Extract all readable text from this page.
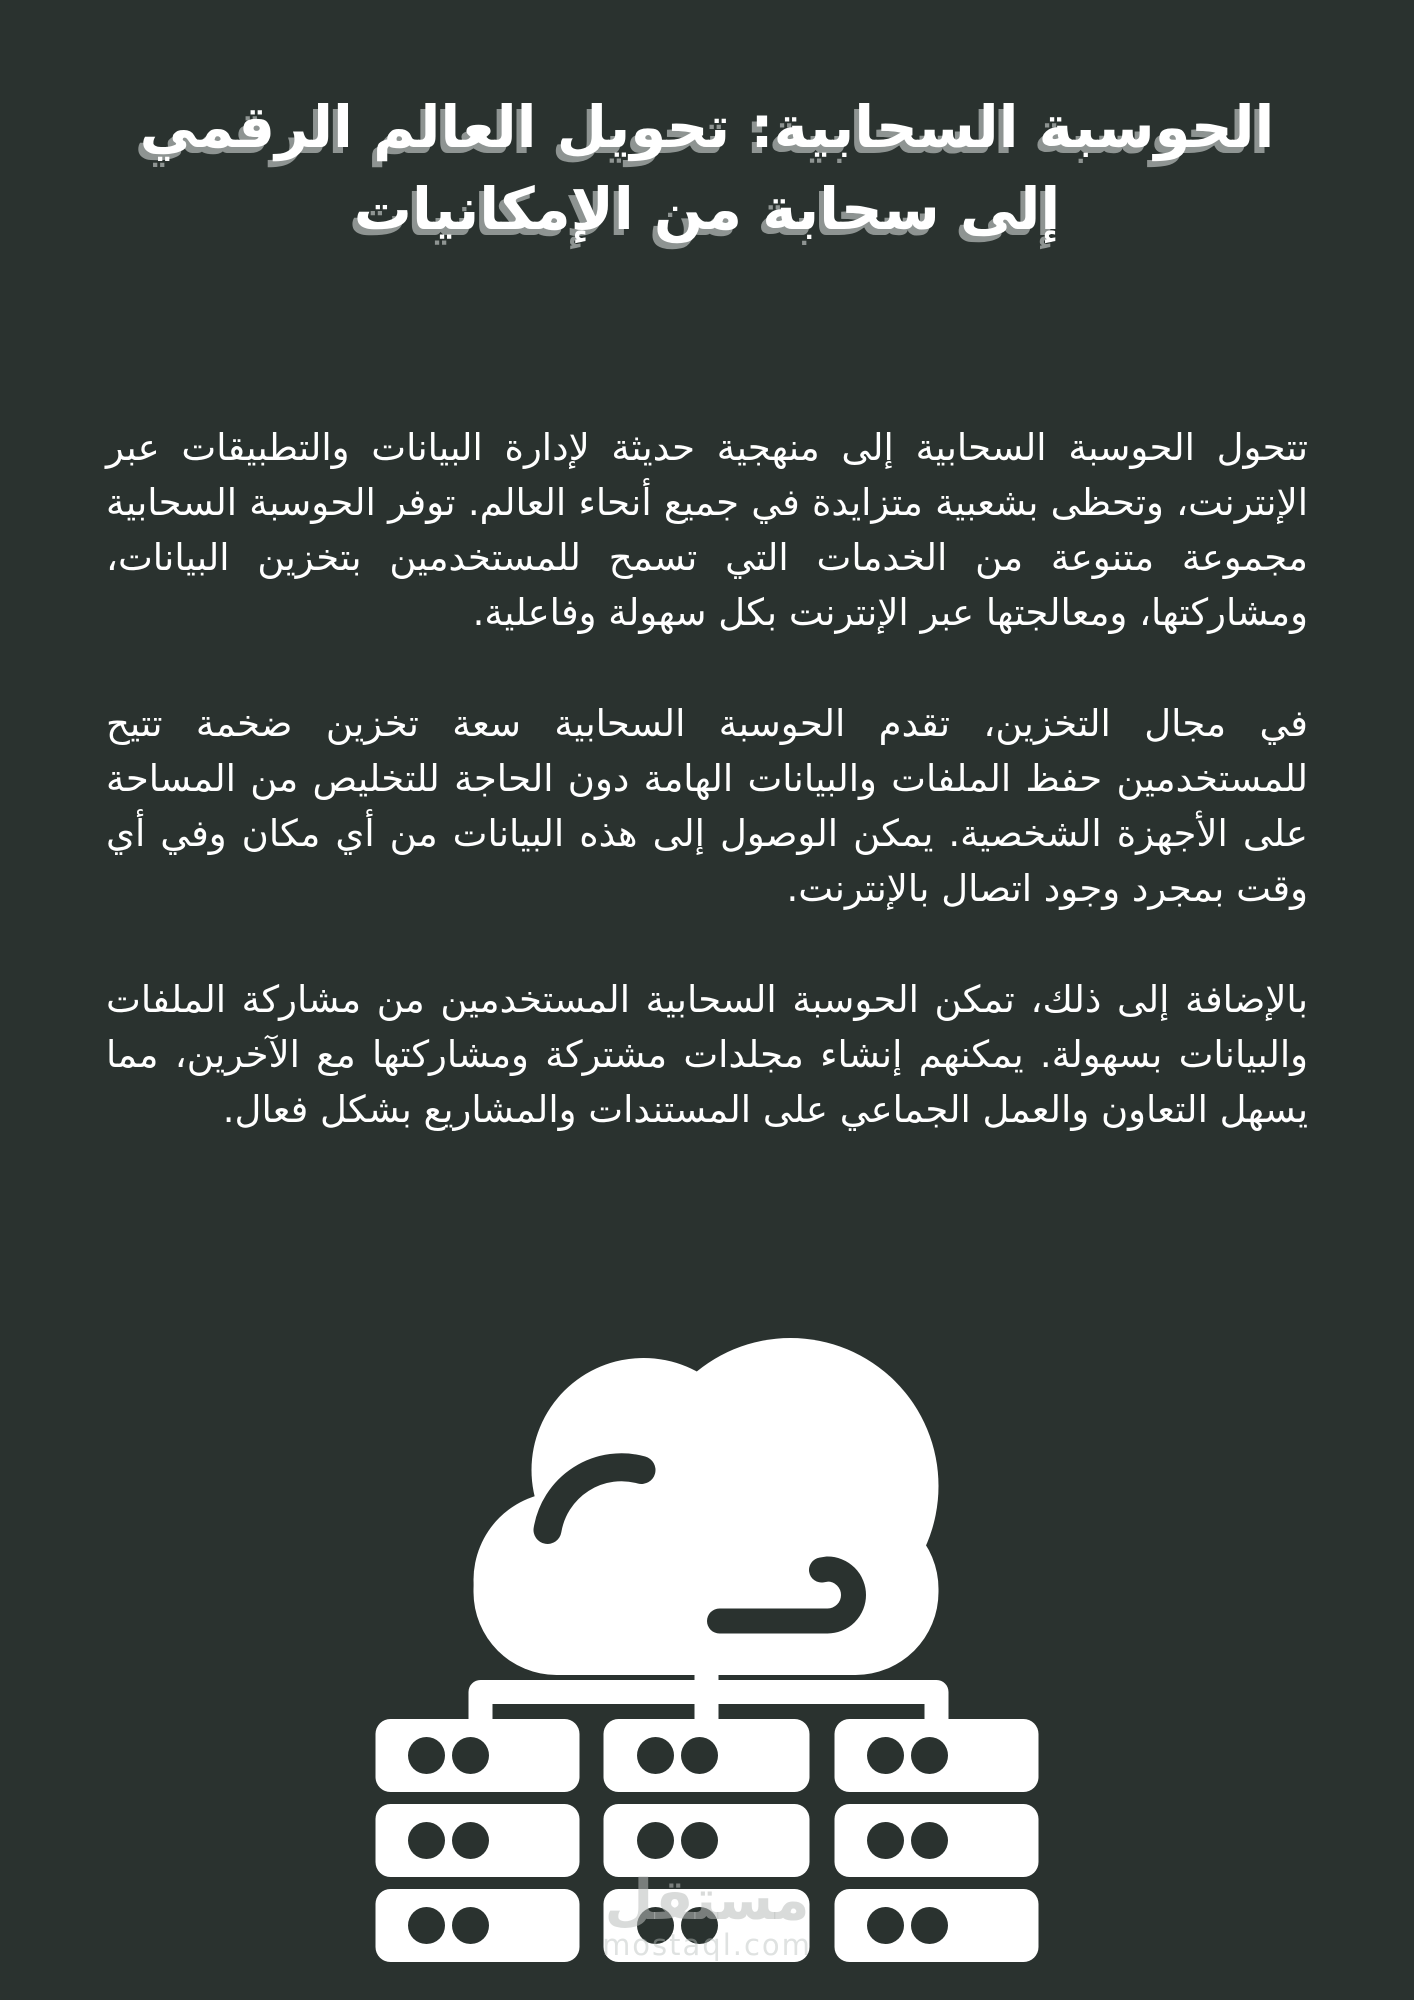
الحوسبة السحابية: تحويل العالم الرقمي
إلى سحابة من الإمكانيات

تتحول الحوسبة السحابية إلى منهجية حديثة لإدارة البيانات والتطبيقات عبر الإنترنت، وتحظى بشعبية متزايدة في جميع أنحاء العالم. توفر الحوسبة السحابية مجموعة متنوعة من الخدمات التي تسمح للمستخدمين بتخزين البيانات، ومشاركتها، ومعالجتها عبر الإنترنت بكل سهولة وفاعلية.

في مجال التخزين، تقدم الحوسبة السحابية سعة تخزين ضخمة تتيح للمستخدمين حفظ الملفات والبيانات الهامة دون الحاجة للتخليص من المساحة على الأجهزة الشخصية. يمكن الوصول إلى هذه البيانات من أي مكان وفي أي وقت بمجرد وجود اتصال بالإنترنت.

بالإضافة إلى ذلك، تمكن الحوسبة السحابية المستخدمين من مشاركة الملفات والبيانات بسهولة. يمكنهم إنشاء مجلدات مشتركة ومشاركتها مع الآخرين، مما يسهل التعاون والعمل الجماعي على المستندات والمشاريع بشكل فعال.

مستقل
mostaql.com
